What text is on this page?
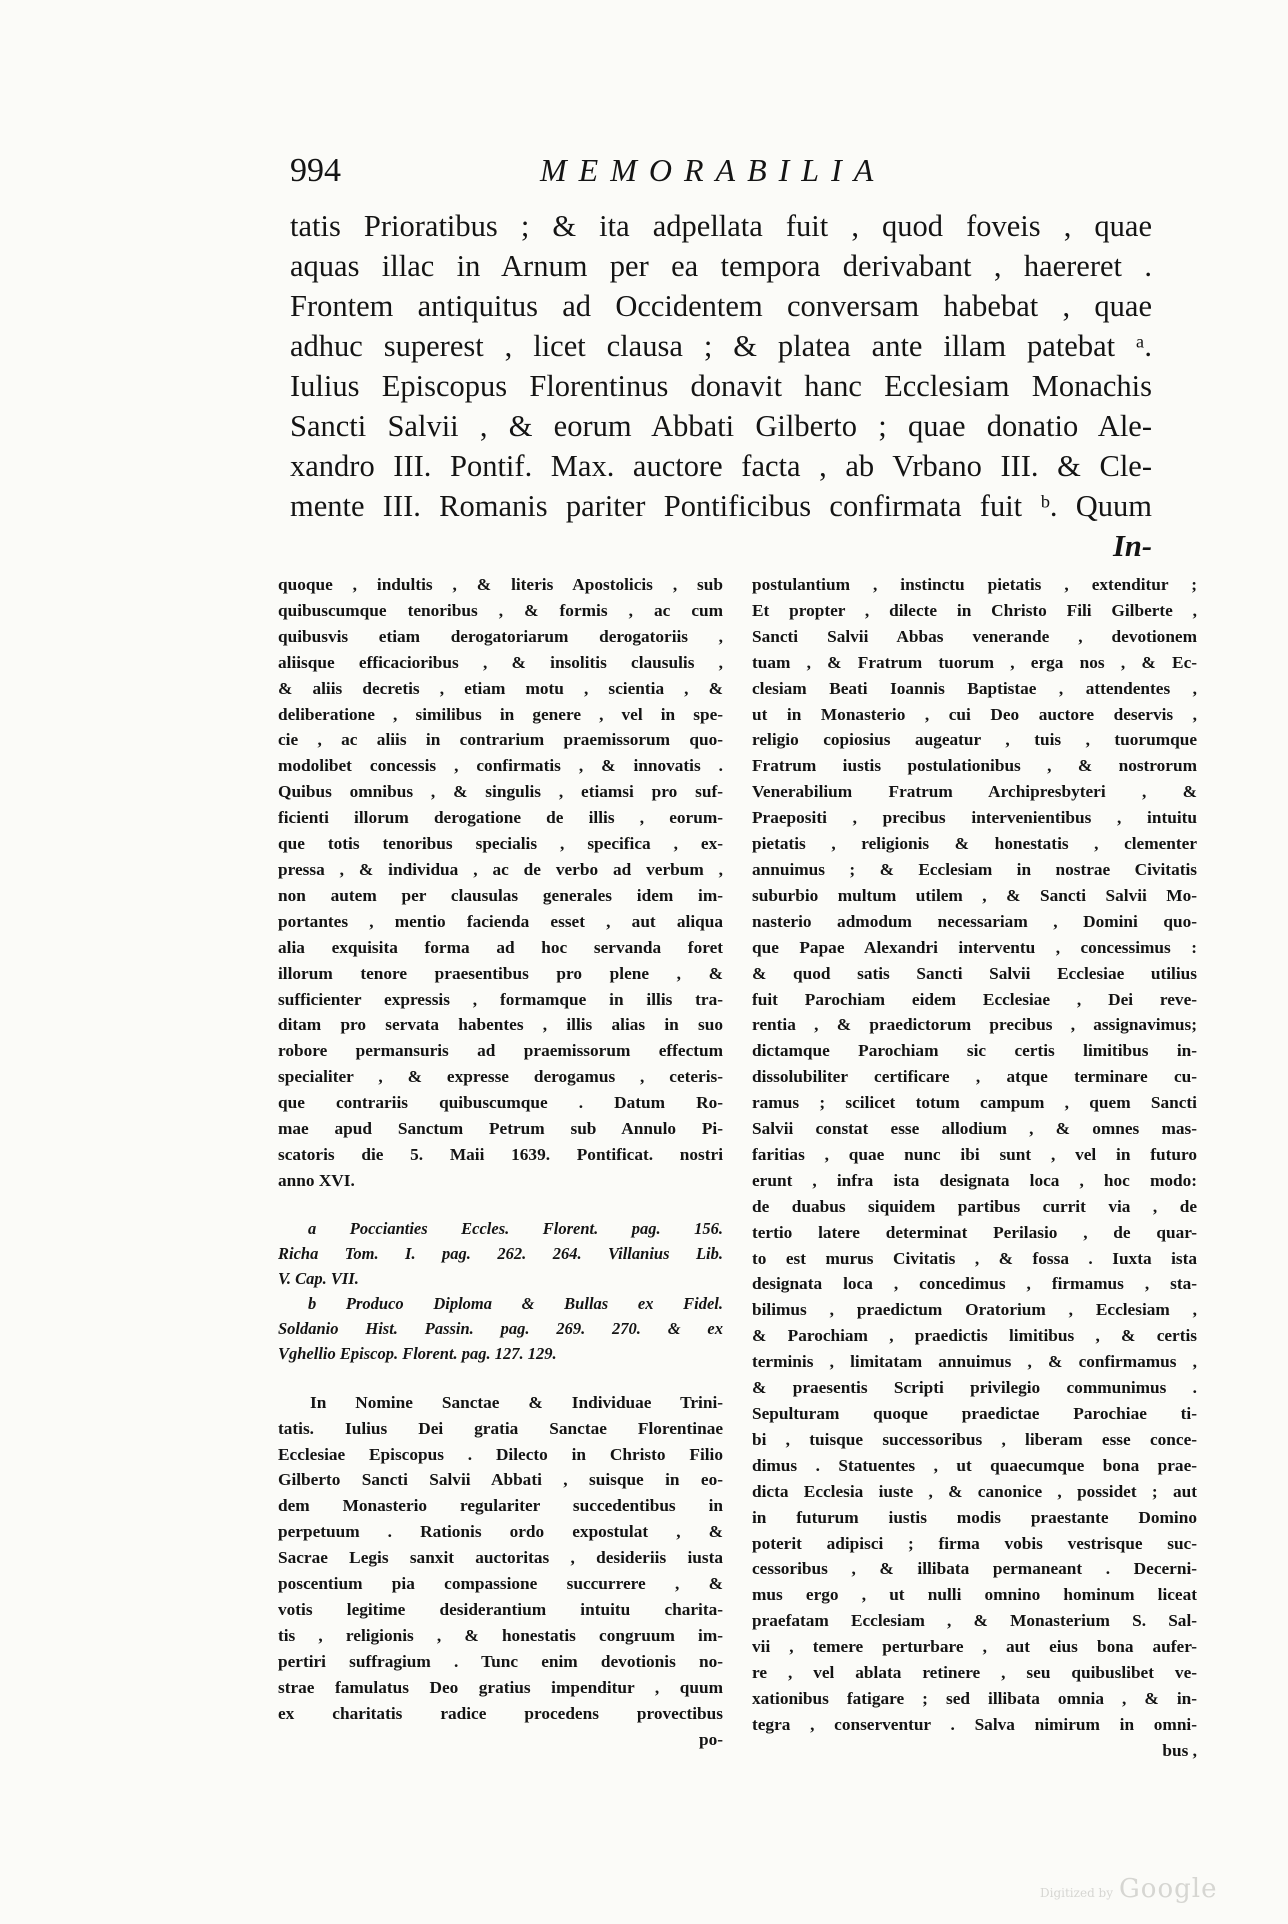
994	MEMORABILIA
tatis Prioratibus ; & ita adpellata fuit , quod foveis , quae
aquas illac in Arnum per ea tempora derivabant , haereret .
Frontem antiquitus ad Occidentem conversam habebat , quae
adhuc superest , licet clausa ; & platea ante illam patebat ᵃ.
Iulius Episcopus Florentinus donavit hanc Ecclesiam Monachis
Sancti Salvii , & eorum Abbati Gilberto ; quae donatio Ale-
xandro III. Pontif. Max. auctore facta , ab Vrbano III. & Cle-
mente III. Romanis pariter Pontificibus confirmata fuit ᵇ. Quum
In-
quoque , indultis , & literis Apostolicis , sub
quibuscumque tenoribus , & formis , ac cum
quibusvis etiam derogatoriarum derogatoriis ,
aliisque efficacioribus , & insolitis clausulis ,
& aliis decretis , etiam motu , scientia , &
deliberatione , similibus in genere , vel in spe-
cie , ac aliis in contrarium praemissorum quo-
modolibet concessis , confirmatis , & innovatis .
Quibus omnibus , & singulis , etiamsi pro suf-
ficienti illorum derogatione de illis , eorum-
que totis tenoribus specialis , specifica , ex-
pressa , & individua , ac de verbo ad verbum ,
non autem per clausulas generales idem im-
portantes , mentio facienda esset , aut aliqua
alia exquisita forma ad hoc servanda foret
illorum tenore praesentibus pro plene , &
sufficienter expressis , formamque in illis tra-
ditam pro servata habentes , illis alias in suo
robore permansuris ad praemissorum effectum
specialiter , & expresse derogamus , ceteris-
que contrariis quibuscumque . Datum Ro-
mae apud Sanctum Petrum sub Annulo Pi-
scatoris die 5. Maii 1639. Pontificat. nostri
anno XVI.
a Poccianties Eccles. Florent. pag. 156.
Richa Tom. I. pag. 262. 264. Villanius Lib.
V. Cap. VII.
b Produco Diploma & Bullas ex Fidel.
Soldanio Hist. Passin. pag. 269. 270. & ex
Vghellio Episcop. Florent. pag. 127. 129.
In Nomine Sanctae & Individuae Trini-
tatis. Iulius Dei gratia Sanctae Florentinae
Ecclesiae Episcopus . Dilecto in Christo Filio
Gilberto Sancti Salvii Abbati , suisque in eo-
dem Monasterio regulariter succedentibus in
perpetuum . Rationis ordo expostulat , &
Sacrae Legis sanxit auctoritas , desideriis iusta
poscentium pia compassione succurrere , &
votis legitime desiderantium intuitu charita-
tis , religionis , & honestatis congruum im-
pertiri suffragium . Tunc enim devotionis no-
strae famulatus Deo gratius impenditur , quum
ex charitatis radice procedens provectibus
po-
postulantium , instinctu pietatis , extenditur ;
Et propter , dilecte in Christo Fili Gilberte ,
Sancti Salvii Abbas venerande , devotionem
tuam , & Fratrum tuorum , erga nos , & Ec-
clesiam Beati Ioannis Baptistae , attendentes ,
ut in Monasterio , cui Deo auctore deservis ,
religio copiosius augeatur , tuis , tuorumque
Fratrum iustis postulationibus , & nostrorum
Venerabilium Fratrum Archipresbyteri , &
Praepositi , precibus intervenientibus , intuitu
pietatis , religionis & honestatis , clementer
annuimus ; & Ecclesiam in nostrae Civitatis
suburbio multum utilem , & Sancti Salvii Mo-
nasterio admodum necessariam , Domini quo-
que Papae Alexandri interventu , concessimus :
& quod satis Sancti Salvii Ecclesiae utilius
fuit Parochiam eidem Ecclesiae , Dei reve-
rentia , & praedictorum precibus , assignavimus;
dictamque Parochiam sic certis limitibus in-
dissolubiliter certificare , atque terminare cu-
ramus ; scilicet totum campum , quem Sancti
Salvii constat esse allodium , & omnes mas-
faritias , quae nunc ibi sunt , vel in futuro
erunt , infra ista designata loca , hoc modo:
de duabus siquidem partibus currit via , de
tertio latere determinat Perilasio , de quar-
to est murus Civitatis , & fossa . Iuxta ista
designata loca , concedimus , firmamus , sta-
bilimus , praedictum Oratorium , Ecclesiam ,
& Parochiam , praedictis limitibus , & certis
terminis , limitatam annuimus , & confirmamus ,
& praesentis Scripti privilegio communimus .
Sepulturam quoque praedictae Parochiae ti-
bi , tuisque successoribus , liberam esse conce-
dimus . Statuentes , ut quaecumque bona prae-
dicta Ecclesia iuste , & canonice , possidet ; aut
in futurum iustis modis praestante Domino
poterit adipisci ; firma vobis vestrisque suc-
cessoribus , & illibata permaneant . Decerni-
mus ergo , ut nulli omnino hominum liceat
praefatam Ecclesiam , & Monasterium S. Sal-
vii , temere perturbare , aut eius bona aufer-
re , vel ablata retinere , seu quibuslibet ve-
xationibus fatigare ; sed illibata omnia , & in-
tegra , conserventur . Salva nimirum in omni-
bus ,
Digitized by Google
